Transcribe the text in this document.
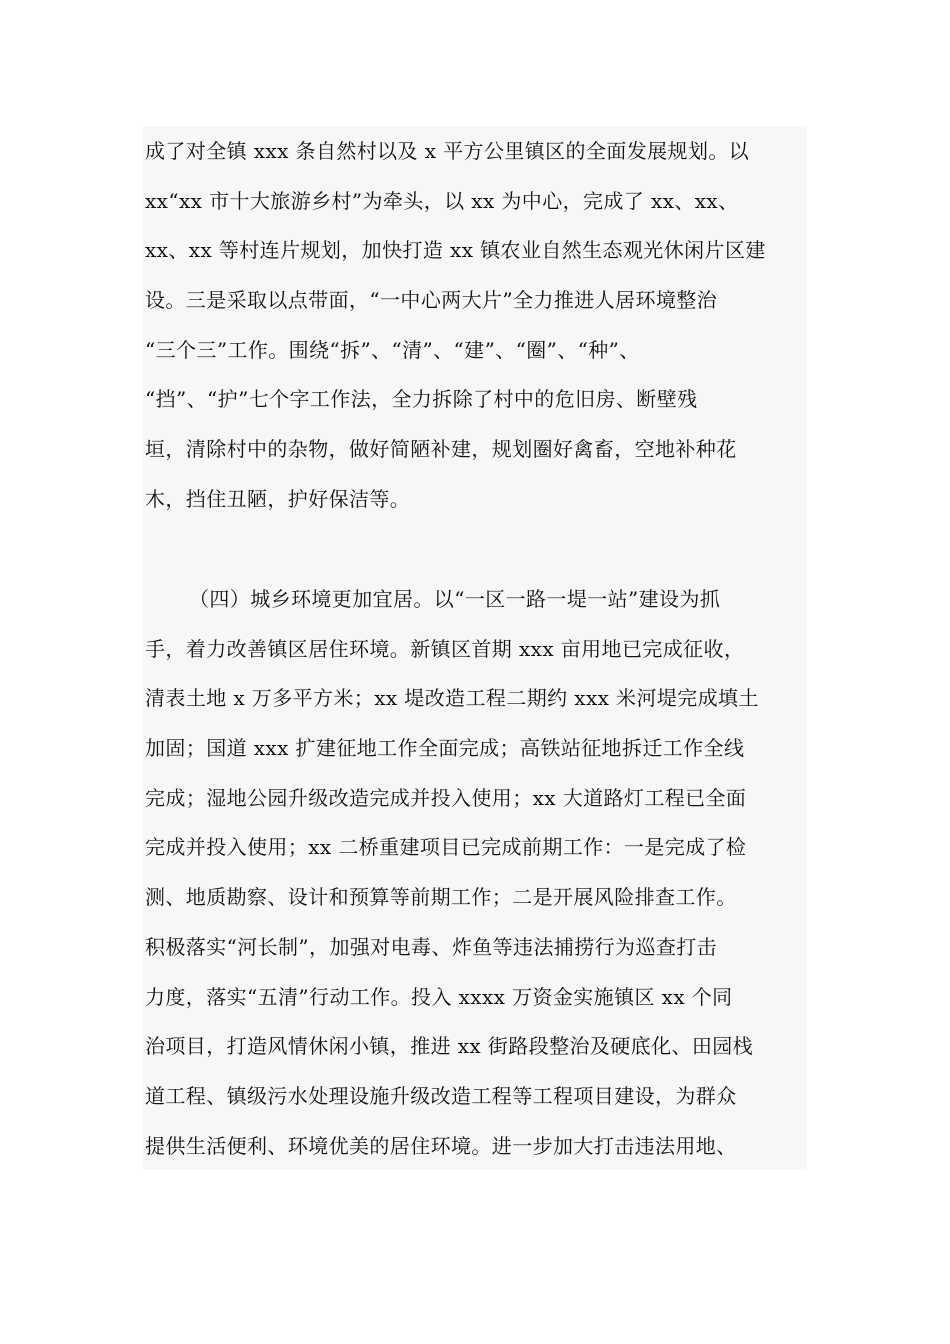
成了对全镇 xxx 条自然村以及 x 平方公里镇区的全面发展规划。以
xx“xx 市十大旅游乡村”为牵头，以 xx 为中心，完成了 xx、xx、
xx、xx 等村连片规划，加快打造 xx 镇农业自然生态观光休闲片区建
设。三是采取以点带面，“一中心两大片”全力推进人居环境整治
“三个三”工作。围绕“拆”、“清”、“建”、“圈”、“种”、
“挡”、“护”七个字工作法，全力拆除了村中的危旧房、断壁残
垣，清除村中的杂物，做好简陋补建，规划圈好禽畜，空地补种花
木，挡住丑陋，护好保洁等。
（四）城乡环境更加宜居。以“一区一路一堤一站”建设为抓
手，着力改善镇区居住环境。新镇区首期 xxx 亩用地已完成征收，
清表土地 x 万多平方米；xx 堤改造工程二期约 xxx 米河堤完成填土
加固；国道 xxx 扩建征地工作全面完成；高铁站征地拆迁工作全线
完成；湿地公园升级改造完成并投入使用；xx 大道路灯工程已全面
完成并投入使用；xx 二桥重建项目已完成前期工作：一是完成了检
测、地质勘察、设计和预算等前期工作；二是开展风险排查工作。
积极落实“河长制”，加强对电毒、炸鱼等违法捕捞行为巡查打击
力度，落实“五清”行动工作。投入 xxxx 万资金实施镇区 xx 个同
治项目，打造风情休闲小镇，推进 xx 街路段整治及硬底化、田园栈
道工程、镇级污水处理设施升级改造工程等工程项目建设，为群众
提供生活便利、环境优美的居住环境。进一步加大打击违法用地、
